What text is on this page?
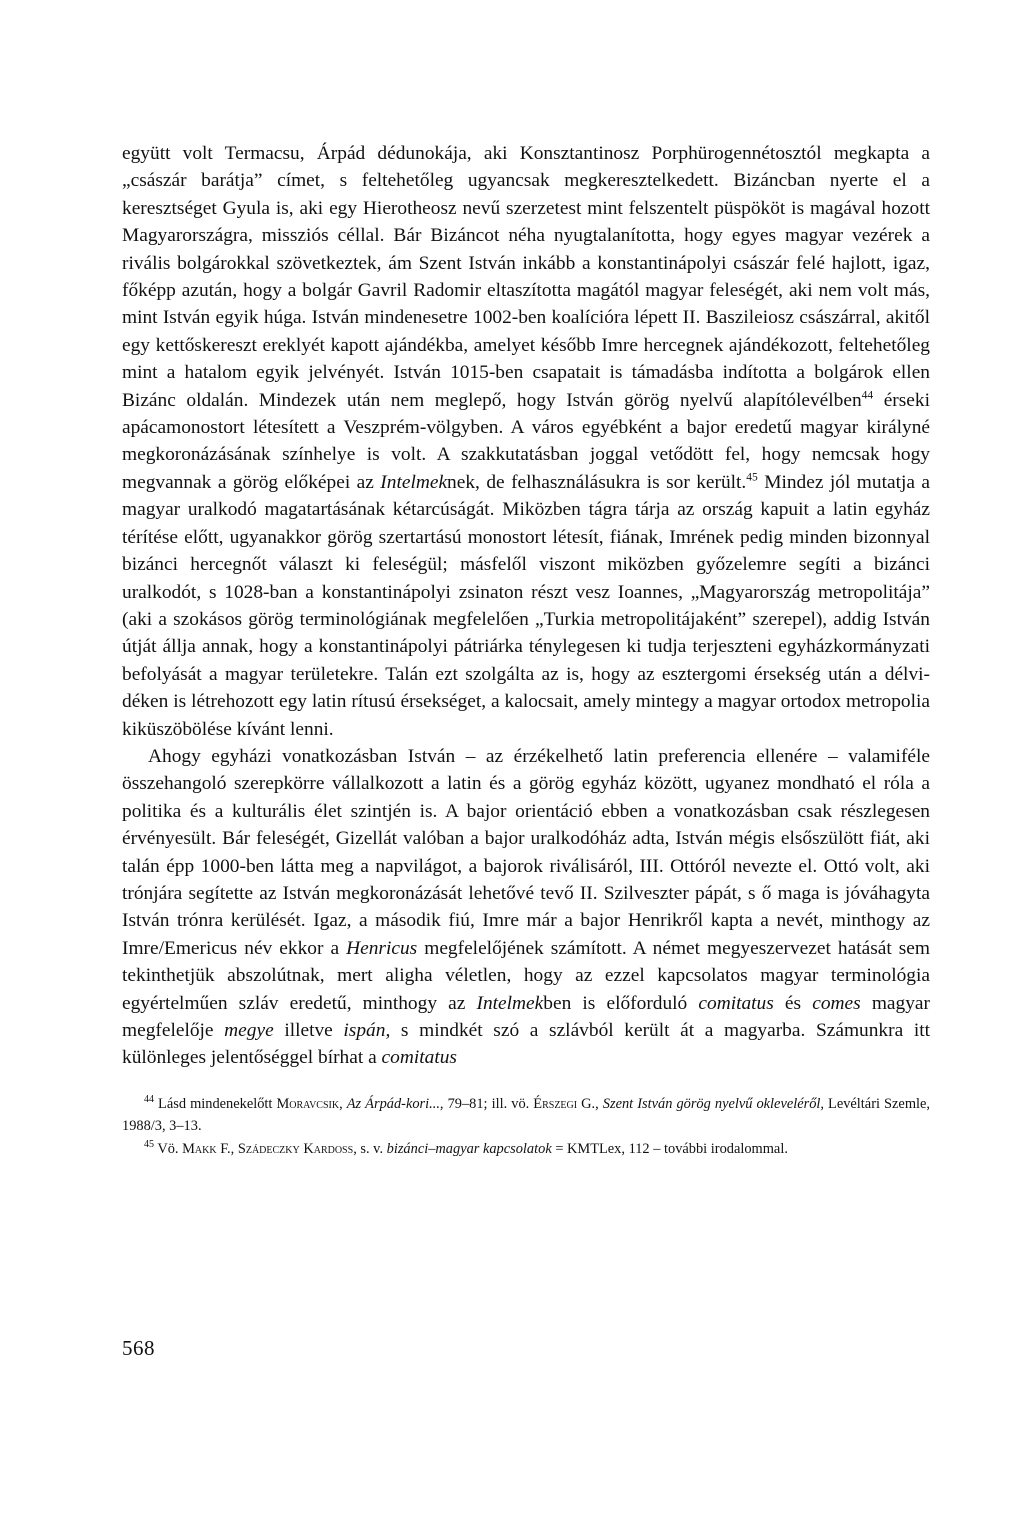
együtt volt Termacsu, Árpád dédunokája, aki Konsztantinosz Porphürogennétosztól megkapta a „császár barátja” címet, s feltehetőleg ugyancsak megkeresztelkedett. Bizáncban nyerte el a keresztséget Gyula is, aki egy Hierotheosz nevű szerzetest mint felszentelt püspököt is magával hozott Magyarországra, missziós céllal. Bár Bizáncot néha nyugtalanította, hogy egyes magyar vezérek a rivális bolgárokkal szövetkeztek, ám Szent István inkább a konstantinápolyi császár felé hajlott, igaz, főképp azután, hogy a bolgár Gavril Radomir eltaszította magától magyar feleségét, aki nem volt más, mint István egyik húga. István mindenesetre 1002-ben koalícióra lépett II. Baszileiosz császárral, akitől egy kettőskereszt ereklyét kapott ajándékba, amelyet később Imre hercegnek ajándékozott, feltehetőleg mint a hatalom egyik jelvényét. István 1015-ben csapatait is támadásba indította a bolgárok ellen Bizánc oldalán. Mindezek után nem meglepő, hogy István görög nyelvű alapítólevélben$^{44}$ érseki apácamonostort létesített a Veszprém-völgyben. A város egyébként a bajor eredetű magyar királyné megkoronázásának színhelye is volt. A szakkutatásban joggal vetődött fel, hogy nemcsak hogy megvannak a görög előképei az Intelmeknek, de felhasználásukra is sor került.$^{45}$ Mindez jól mutatja a magyar uralkodó magatartásának kétarcúságát. Miközben tágra tárja az ország kapuit a latin egyház térítése előtt, ugyanakkor görög szertartású monostort létesít, fiának, Imrének pedig minden bizonnyal bizánci hercegnőt választ ki feleségül; másfelől viszont miközben győzelemre segíti a bizánci uralkodót, s 1028-ban a konstantinápolyi zsinaton részt vesz Ioannes, „Magyarország metropolitája” (aki a szokásos görög terminológiának megfelelően „Turkia metropolitájaként” szerepel), addig István útját állja annak, hogy a konstantinápolyi pátriárka ténylegesen ki tudja terjeszteni egyházkormányzati befolyását a magyar területekre. Talán ezt szolgálta az is, hogy az esztergomi érsekség után a délvidéken is létrehozott egy latin rítusú érsekséget, a kalocsait, amely mintegy a magyar ortodox metropolia kiküszöbölése kívánt lenni.

Ahogy egyházi vonatkozásban István – az érzékelhető latin preferencia ellenére – valamiféle összehangoló szerepkörre vállalkozott a latin és a görög egyház között, ugyanez mondható el róla a politika és a kulturális élet szintjén is. A bajor orientáció ebben a vonatkozásban csak részlegesen érvényesült. Bár feleségét, Gizellát valóban a bajor uralkodóház adta, István mégis elsőszülött fiát, aki talán épp 1000-ben látta meg a napvilágot, a bajorok riválisáról, III. Ottóról nevezte el. Ottó volt, aki trónjára segítette az István megkoronázását lehetővé tevő II. Szilveszter pápát, s ő maga is jóváhagyta István trónra kerülését. Igaz, a második fiú, Imre már a bajor Henrikről kapta a nevét, minthogy az Imre/Emericus név ekkor a Henricus megfelelőjének számított. A német megyeszervezet hatását sem tekinthetjük abszolútnak, mert aligha véletlen, hogy az ezzel kapcsolatos magyar terminológia egyértelműen szláv eredetű, minthogy az Intelmekben is előforduló comitatus és comes magyar megfelelője megye illetve ispán, s mindkét szó a szlávból került át a magyarba. Számunkra itt különleges jelentőséggel bírhat a comitatus

$^{44}$ Lásd mindenekelőtt Moravcsik, Az Árpád-kori..., 79–81; ill. vö. Érszegi G., Szent István görög nyelvű okleveléről, Levéltári Szemle, 1988/3, 3–13.

$^{45}$ Vö. Makk F., Szádeczky Kardoss, s. v. bizánci–magyar kapcsolatok = KMTLex, 112 – további irodalommal.

568
